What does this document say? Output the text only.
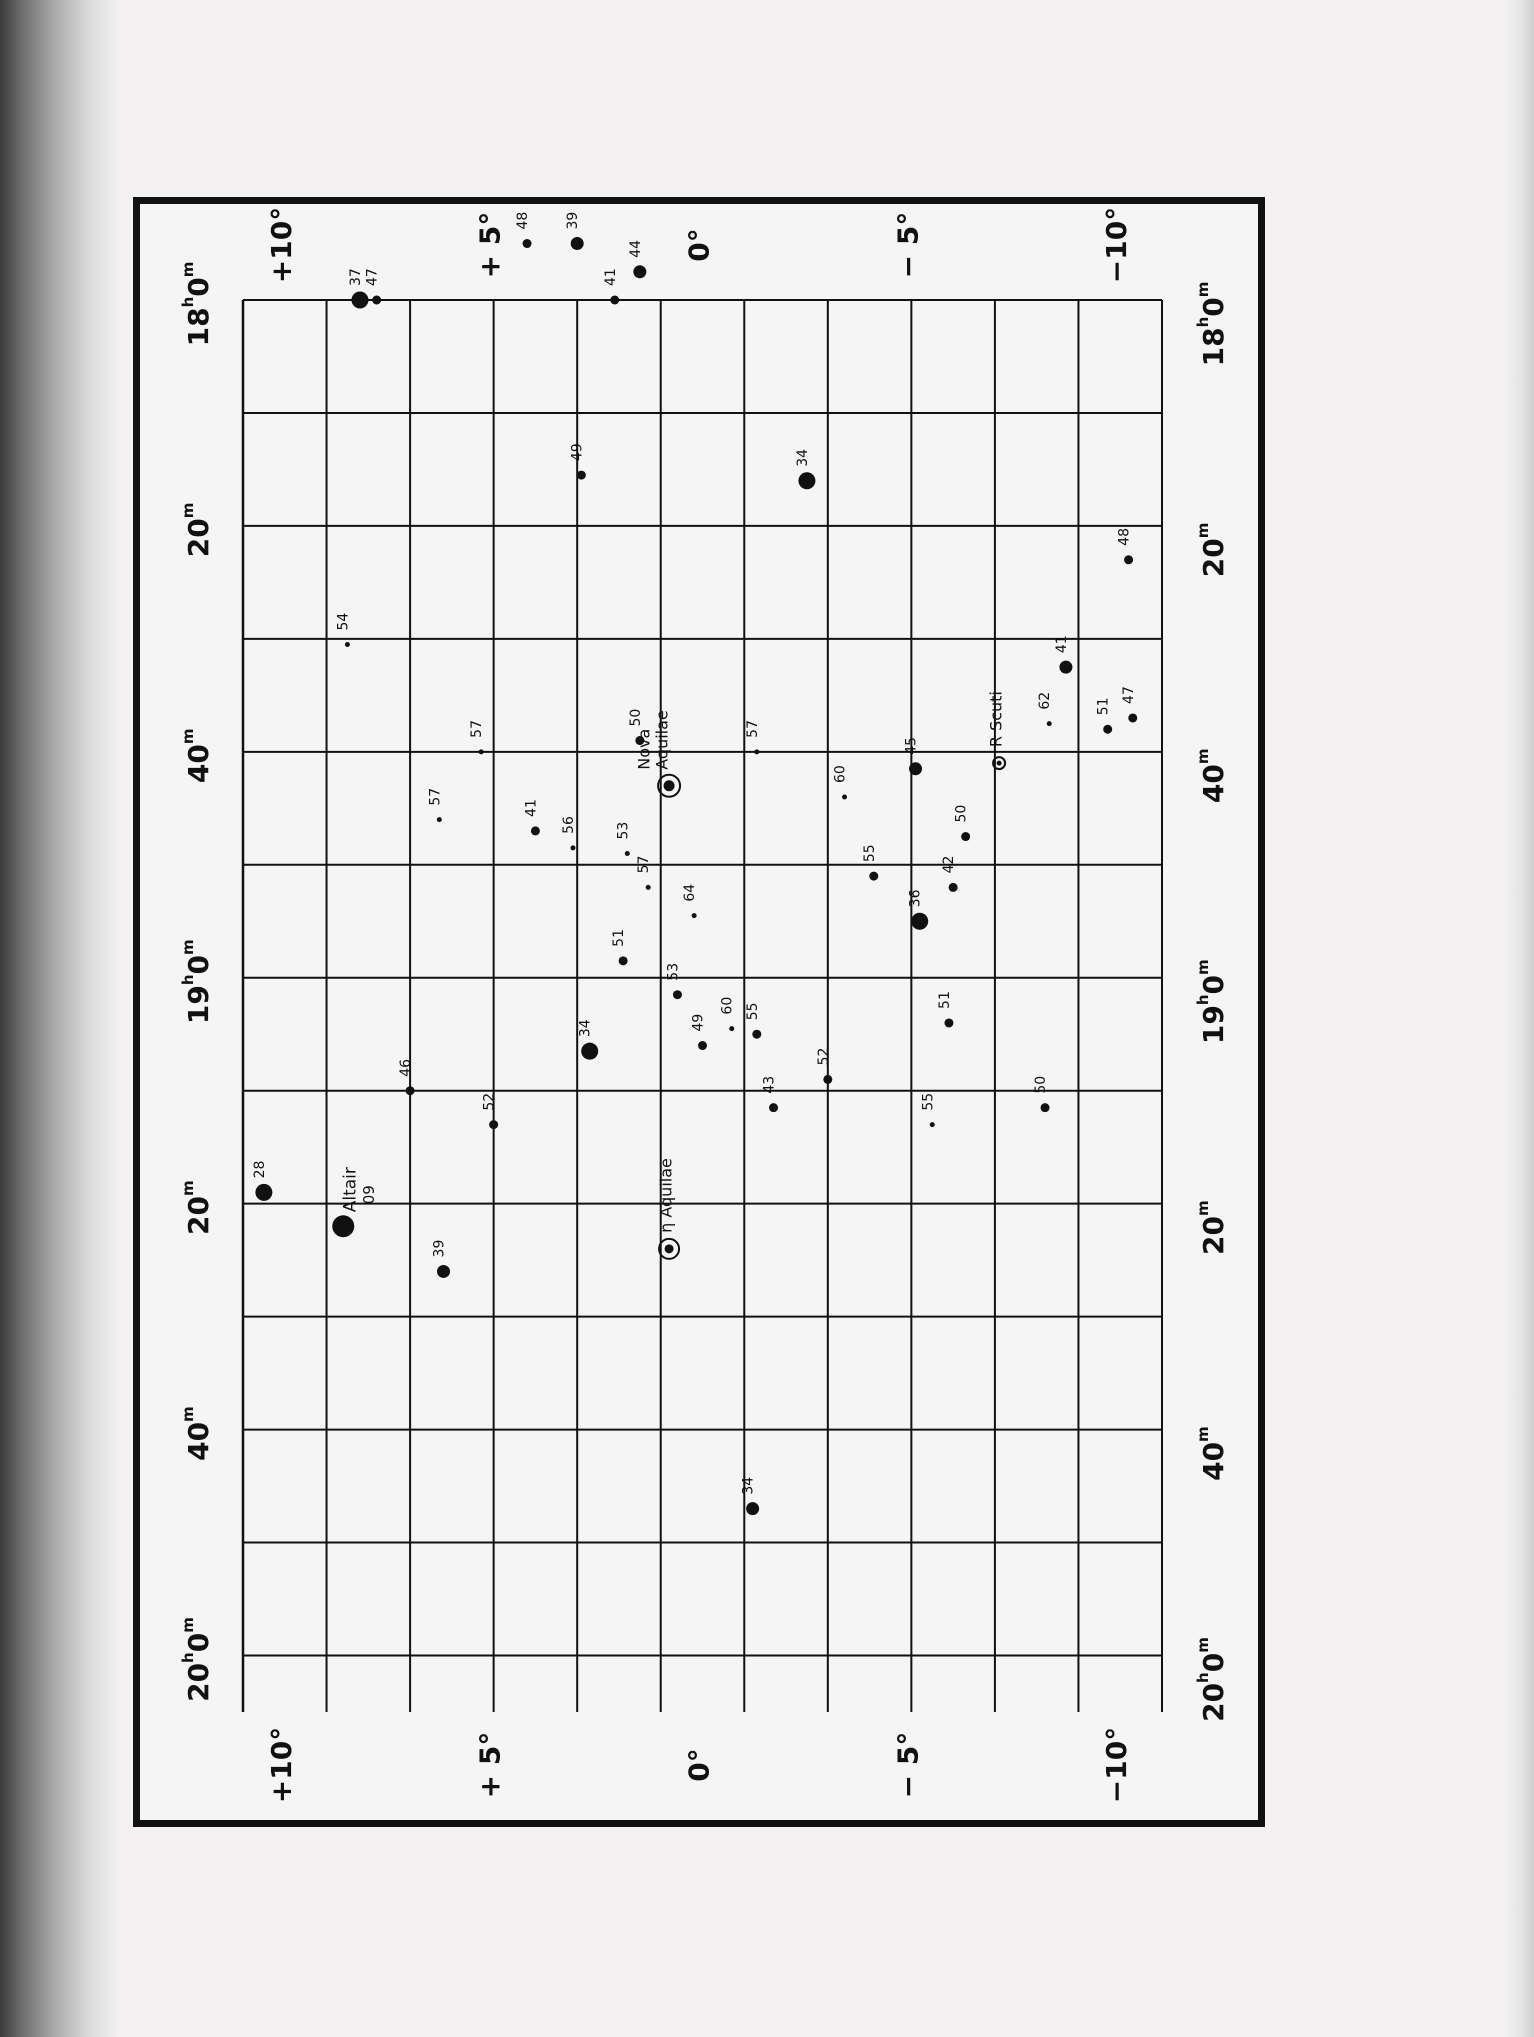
18$^h$0$^m$
20$^m$
40$^m$
19$^h$0$^m$
20$^m$
40$^m$
20$^h$0$^m$
18$^h$0$^m$
20$^m$
40$^m$
19$^h$0$^m$
20$^m$
40$^m$
$20^h0^m$
+10°	+ 5°	0°	− 5°	−10°
+10°	+ 5°	0°	− 5°	−10°
37 47
48 39
44
41
49	34
48
54
41
47
62	51
50
57	57
45
60
56	53
50
41
57
55
42
57
64	36
51
53
60 55
51
34	49
52
46
43	50
52	55
28
39
34
Altair 09
Nova Aquilae
η Aquilae
R Scuti
